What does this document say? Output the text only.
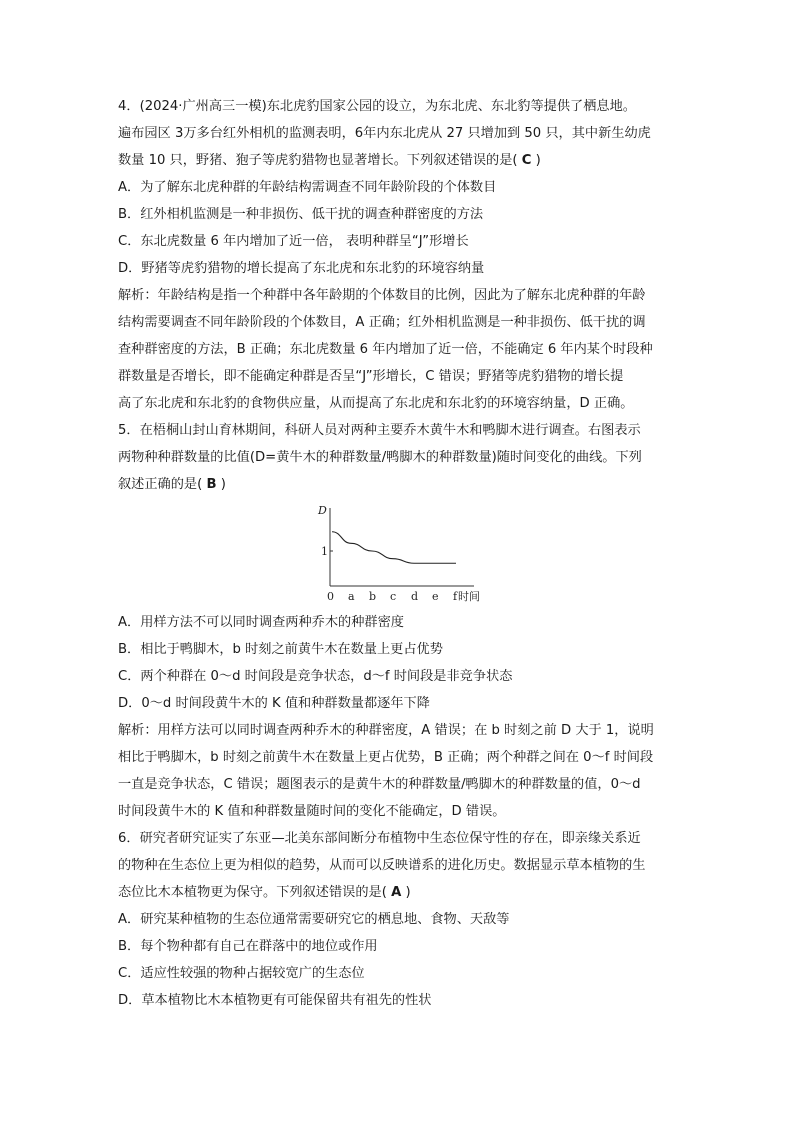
4．(2024·广州高三一模)东北虎豹国家公园的设立，为东北虎、东北豹等提供了栖息地。
遍布园区 3万多台红外相机的监测表明，6年内东北虎从 27 只增加到 50 只，其中新生幼虎
数量 10 只，野猪、狍子等虎豹猎物也显著增长。下列叙述错误的是( C )
A．为了解东北虎种群的年龄结构需调查不同年龄阶段的个体数目
B．红外相机监测是一种非损伤、低干扰的调查种群密度的方法
C．东北虎数量 6 年内增加了近一倍， 表明种群呈“J”形增长
D．野猪等虎豹猎物的增长提高了东北虎和东北豹的环境容纳量
解析：年龄结构是指一个种群中各年龄期的个体数目的比例，因此为了解东北虎种群的年龄
结构需要调查不同年龄阶段的个体数目，A 正确；红外相机监测是一种非损伤、低干扰的调
查种群密度的方法，B 正确；东北虎数量 6 年内增加了近一倍，不能确定 6 年内某个时段种
群数量是否增长，即不能确定种群是否呈“J”形增长，C 错误；野猪等虎豹猎物的增长提
高了东北虎和东北豹的食物供应量，从而提高了东北虎和东北豹的环境容纳量，D 正确。
5．在梧桐山封山育林期间，科研人员对两种主要乔木黄牛木和鸭脚木进行调查。右图表示
两物种种群数量的比值(D=黄牛木的种群数量/鸭脚木的种群数量)随时间变化的曲线。下列
叙述正确的是( B )
D
1
0 a b c d e f 时间
A．用样方法不可以同时调查两种乔木的种群密度
B．相比于鸭脚木，b 时刻之前黄牛木在数量上更占优势
C．两个种群在 0～d 时间段是竞争状态，d～f 时间段是非竞争状态
D．0～d 时间段黄牛木的 K 值和种群数量都逐年下降
解析：用样方法可以同时调查两种乔木的种群密度，A 错误；在 b 时刻之前 D 大于 1，说明
相比于鸭脚木，b 时刻之前黄牛木在数量上更占优势，B 正确；两个种群之间在 0～f 时间段
一直是竞争状态，C 错误；题图表示的是黄牛木的种群数量/鸭脚木的种群数量的值，0～d
时间段黄牛木的 K 值和种群数量随时间的变化不能确定，D 错误。
6．研究者研究证实了东亚—北美东部间断分布植物中生态位保守性的存在，即亲缘关系近
的物种在生态位上更为相似的趋势，从而可以反映谱系的进化历史。数据显示草本植物的生
态位比木本植物更为保守。下列叙述错误的是( A )
A．研究某种植物的生态位通常需要研究它的栖息地、食物、天敌等
B．每个物种都有自己在群落中的地位或作用
C．适应性较强的物种占据较宽广的生态位
D．草本植物比木本植物更有可能保留共有祖先的性状
